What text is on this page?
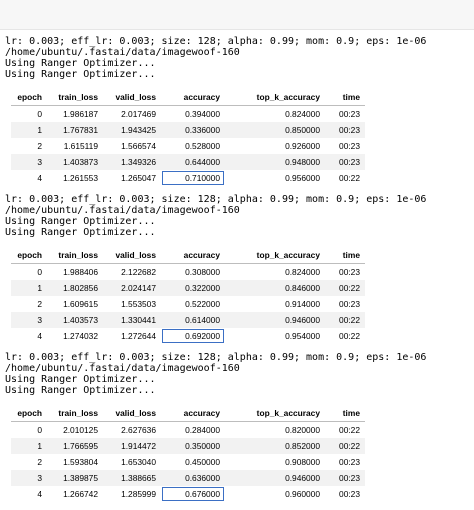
lr: 0.003; eff_lr: 0.003; size: 128; alpha: 0.99; mom: 0.9; eps: 1e-06
/home/ubuntu/.fastai/data/imagewoof-160
Using Ranger Optimizer...
Using Ranger Optimizer...
epoch	train_loss	valid_loss	accuracy	top_k_accuracy	time
0	1.986187	2.017469	0.394000	0.824000	00:23
1	1.767831	1.943425	0.336000	0.850000	00:23
2	1.615119	1.566574	0.528000	0.926000	00:23
3	1.403873	1.349326	0.644000	0.948000	00:23
4	1.261553	1.265047	0.710000	0.956000	00:22
lr: 0.003; eff_lr: 0.003; size: 128; alpha: 0.99; mom: 0.9; eps: 1e-06
/home/ubuntu/.fastai/data/imagewoof-160
Using Ranger Optimizer...
Using Ranger Optimizer...
epoch	train_loss	valid_loss	accuracy	top_k_accuracy	time
0	1.988406	2.122682	0.308000	0.824000	00:23
1	1.802856	2.024147	0.322000	0.846000	00:22
2	1.609615	1.553503	0.522000	0.914000	00:23
3	1.403573	1.330441	0.614000	0.946000	00:22
4	1.274032	1.272644	0.692000	0.954000	00:22
lr: 0.003; eff_lr: 0.003; size: 128; alpha: 0.99; mom: 0.9; eps: 1e-06
/home/ubuntu/.fastai/data/imagewoof-160
Using Ranger Optimizer...
Using Ranger Optimizer...
epoch	train_loss	valid_loss	accuracy	top_k_accuracy	time
0	2.010125	2.627636	0.284000	0.820000	00:22
1	1.766595	1.914472	0.350000	0.852000	00:22
2	1.593804	1.653040	0.450000	0.908000	00:23
3	1.389875	1.388665	0.636000	0.946000	00:23
4	1.266742	1.285999	0.676000	0.960000	00:23
